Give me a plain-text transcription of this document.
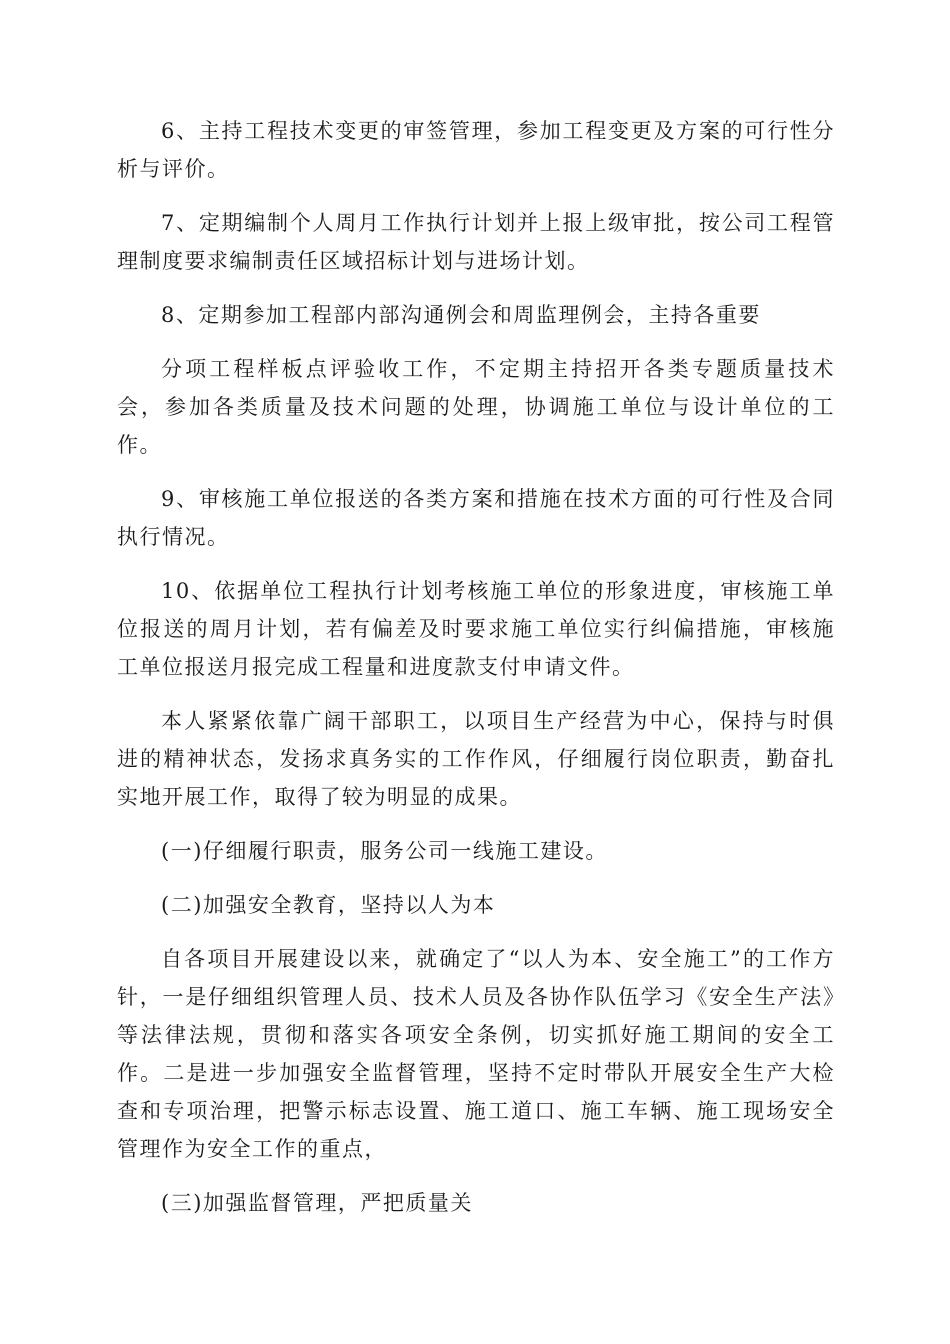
6、主持工程技术变更的审签管理，参加工程变更及方案的可行性分析与评价。

7、定期编制个人周月工作执行计划并上报上级审批，按公司工程管理制度要求编制责任区域招标计划与进场计划。

8、定期参加工程部内部沟通例会和周监理例会，主持各重要

分项工程样板点评验收工作，不定期主持招开各类专题质量技术会，参加各类质量及技术问题的处理，协调施工单位与设计单位的工作。

9、审核施工单位报送的各类方案和措施在技术方面的可行性及合同执行情况。

10、依据单位工程执行计划考核施工单位的形象进度，审核施工单位报送的周月计划，若有偏差及时要求施工单位实行纠偏措施，审核施工单位报送月报完成工程量和进度款支付申请文件。

本人紧紧依靠广阔干部职工，以项目生产经营为中心，保持与时俱进的精神状态，发扬求真务实的工作作风，仔细履行岗位职责，勤奋扎实地开展工作，取得了较为明显的成果。

(一)仔细履行职责，服务公司一线施工建设。

(二)加强安全教育，坚持以人为本

自各项目开展建设以来，就确定了“以人为本、安全施工”的工作方针，一是仔细组织管理人员、技术人员及各协作队伍学习《安全生产法》等法律法规，贯彻和落实各项安全条例，切实抓好施工期间的安全工作。二是进一步加强安全监督管理，坚持不定时带队开展安全生产大检查和专项治理，把警示标志设置、施工道口、施工车辆、施工现场安全管理作为安全工作的重点，

(三)加强监督管理，严把质量关
